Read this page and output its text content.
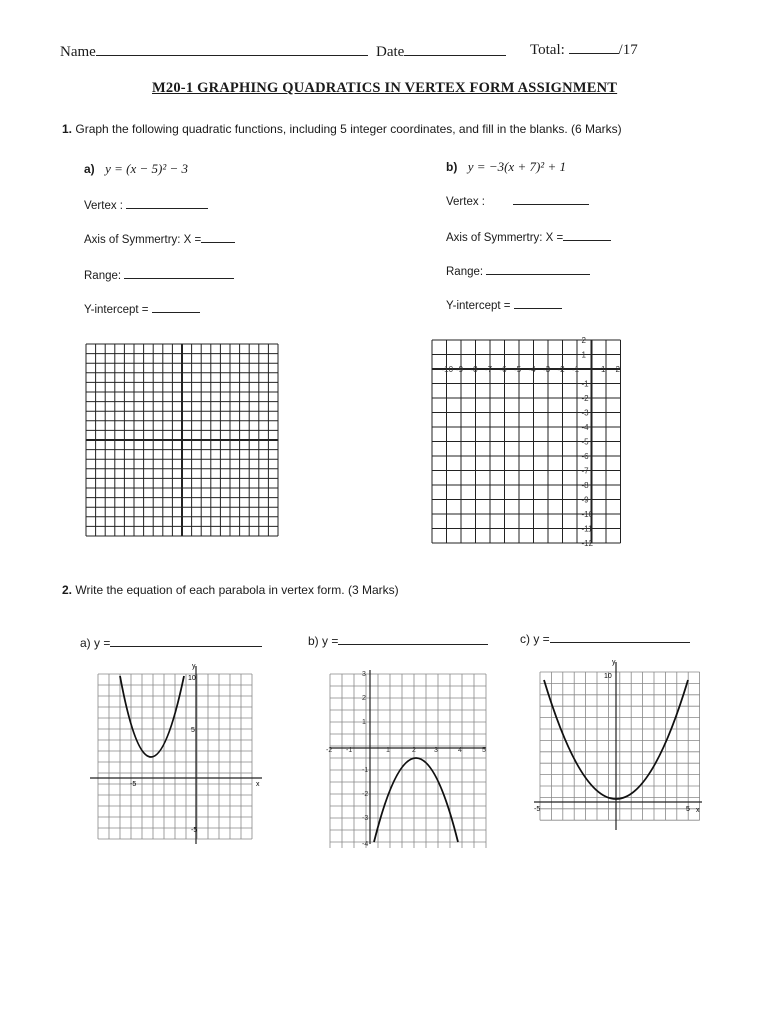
Name	Date	Total:	/17
M20-1 GRAPHING QUADRATICS IN VERTEX FORM ASSIGNMENT
1. Graph the following quadratic functions, including 5 integer coordinates, and fill in the blanks. (6 Marks)
a) y = (x − 5)² − 3
Vertex :
Axis of Symmertry: X =
Range:
Y-intercept =
b) y = −3(x + 7)² + 1
Vertex :
Axis of Symmertry: X =
Range:
Y-intercept =
-10 -9 -8 -7 -6 -5 -4 -3 -2 -1	1 2
2
1
-1
-2
-3
-4
-5
-6
-7
-8
-9
-10
-11
-12
2. Write the equation of each parabola in vertex form. (3 Marks)
a) y =	b) y =	c) y =
y
x
10
5
-5
-5
-2 -1	1	2	3	4	5
3
2
1
-1
-2
-3
-4
y
x
10
-5	5
